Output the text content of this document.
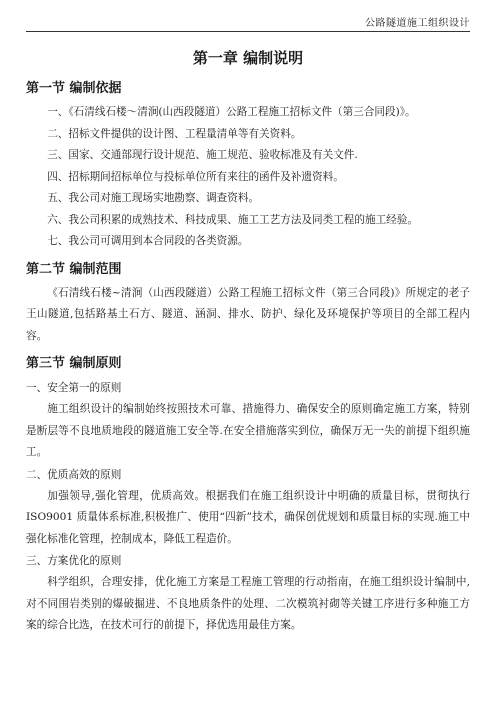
公路隧道施工组织设计
第一章 编制说明
第一节 编制依据

一、《石清线石楼～清涧(山西段隧道）公路工程施工招标文件（第三合同段)》。

二、招标文件提供的设计图、工程量清单等有关资料。

三、国家、交通部现行设计规范、施工规范、验收标准及有关文件.

四、招标期间招标单位与投标单位所有来往的函件及补遗资料。

五、我公司对施工现场实地勘察、调查资料。

六、我公司积累的成熟技术、科技成果、施工工艺方法及同类工程的施工经验。

七、我公司可调用到本合同段的各类资源。

第二节 编制范围

《石清线石楼~清涧（山西段隧道）公路工程施工招标文件（第三合同段)》所规定的老子王山隧道,包括路基土石方、隧道、涵洞、排水、防护、绿化及环境保护等项目的全部工程内容。

第三节 编制原则
一、安全第一的原则

施工组织设计的编制始终按照技术可靠、措施得力、确保安全的原则确定施工方案，特别是断层等不良地质地段的隧道施工安全等.在安全措施落实到位，确保万无一失的前提下组织施工。

二、优质高效的原则

加强领导,强化管理，优质高效。根据我们在施工组织设计中明确的质量目标，贯彻执行 ISO9001 质量体系标准,积极推广、使用“四新”技术，确保创优规划和质量目标的实现.施工中强化标准化管理，控制成本，降低工程造价。

三、方案优化的原则

科学组织，合理安排，优化施工方案是工程施工管理的行动指南，在施工组织设计编制中,对不同围岩类别的爆破掘进、不良地质条件的处理、二次模筑衬砌等关键工序进行多种施工方案的综合比选，在技术可行的前提下，择优选用最佳方案。
